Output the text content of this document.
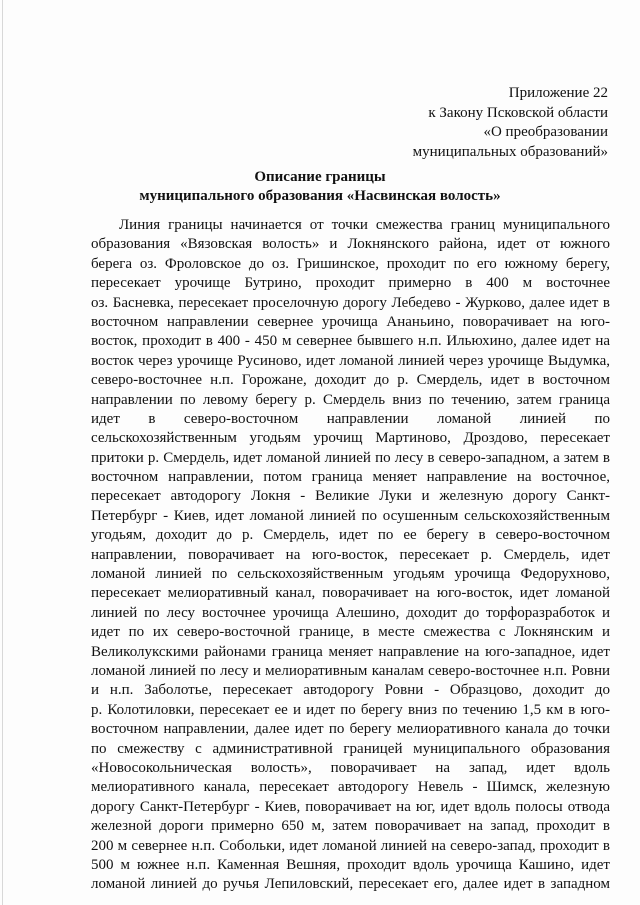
Приложение 22
к Закону Псковской области
«О преобразовании
муниципальных образований»
Описание границы
муниципального образования «Насвинская волость»
Линия границы начинается от точки смежества границ муниципального
образования «Вязовская волость» и Локнянского района, идет от южного
берега оз. Фроловское до оз. Гришинское, проходит по его южному берегу,
пересекает урочище Бутрино, проходит примерно в 400 м восточнее
оз. Басневка, пересекает проселочную дорогу Лебедево - Журково, далее идет в
восточном направлении севернее урочища Ананьино, поворачивает на юго-
восток, проходит в 400 - 450 м севернее бывшего н.п. Ильюхино, далее идет на
восток через урочище Русиново, идет ломаной линией через урочище Выдумка,
северо-восточнее н.п. Горожане, доходит до р. Смердель, идет в восточном
направлении по левому берегу р. Смердель вниз по течению, затем граница
идет в северо-восточном направлении ломаной линией по
сельскохозяйственным угодьям урочищ Мартиново, Дроздово, пересекает
притоки р. Смердель, идет ломаной линией по лесу в северо-западном, а затем в
восточном направлении, потом граница меняет направление на восточное,
пересекает автодорогу Локня - Великие Луки и железную дорогу Санкт-
Петербург - Киев, идет ломаной линией по осушенным сельскохозяйственным
угодьям, доходит до р. Смердель, идет по ее берегу в северо-восточном
направлении, поворачивает на юго-восток, пересекает р. Смердель, идет
ломаной линией по сельскохозяйственным угодьям урочища Федорухново,
пересекает мелиоративный канал, поворачивает на юго-восток, идет ломаной
линией по лесу восточнее урочища Алешино, доходит до торфоразработок и
идет по их северо-восточной границе, в месте смежества с Локнянским и
Великолукскими районами граница меняет направление на юго-западное, идет
ломаной линией по лесу и мелиоративным каналам северо-восточнее н.п. Ровни
и н.п. Заболотье, пересекает автодорогу Ровни - Образцово, доходит до
р. Колотиловки, пересекает ее и идет по берегу вниз по течению 1,5 км в юго-
восточном направлении, далее идет по берегу мелиоративного канала до точки
по смежеству с административной границей муниципального образования
«Новосокольническая волость», поворачивает на запад, идет вдоль
мелиоративного канала, пересекает автодорогу Невель - Шимск, железную
дорогу Санкт-Петербург - Киев, поворачивает на юг, идет вдоль полосы отвода
железной дороги примерно 650 м, затем поворачивает на запад, проходит в
200 м севернее н.п. Собольки, идет ломаной линией на северо-запад, проходит в
500 м южнее н.п. Каменная Вешняя, проходит вдоль урочища Кашино, идет
ломаной линией до ручья Лепиловский, пересекает его, далее идет в западном
